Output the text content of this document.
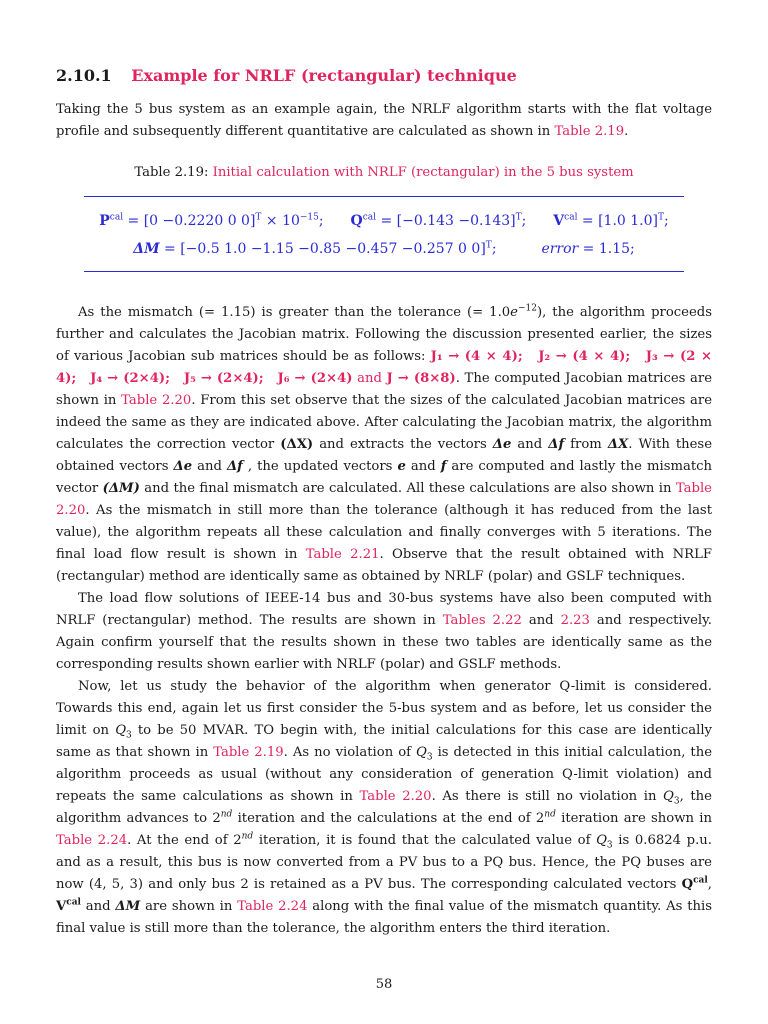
2.10.1 Example for NRLF (rectangular) technique

Taking the 5 bus system as an example again, the NRLF algorithm starts with the flat voltage profile and subsequently different quantitative are calculated as shown in Table 2.19.

Table 2.19: Initial calculation with NRLF (rectangular) in the 5 bus system
$P^{cal} = [0 -0.2220$ 0 $0]^T \times 10^{-15}$; $Q^{cal} = [-0.143 -0.143]^T$; $V^{cal} = [1.0$ 1.0]$^T$;
ΔM = [−0.5 1.0 −1.15 −0.85 −0.457 −0.257 0 0]$^T$;	error = 1.15;

As the mismatch (= 1.15) is greater than the tolerance (= $1.0e^{-12}$), the algorithm proceeds further and calculates the Jacobian matrix. Following the discussion presented earlier, the sizes of various Jacobian sub matrices should be as follows: J₁ → (4 × 4); J₂ → (4 × 4); J₃ → (2 × 4); J₄ → (2×4); J₅ → (2×4); J₆ → (2×4) and J → (8×8). The computed Jacobian matrices are shown in Table 2.20. From this set observe that the sizes of the calculated Jacobian matrices are indeed the same as they are indicated above. After calculating the Jacobian matrix, the algorithm calculates the correction vector (ΔX) and extracts the vectors Δe and Δf from ΔX. With these obtained vectors Δe and Δf , the updated vectors e and f are computed and lastly the mismatch vector (ΔM) and the final mismatch are calculated. All these calculations are also shown in Table 2.20. As the mismatch in still more than the tolerance (although it has reduced from the last value), the algorithm repeats all these calculation and finally converges with 5 iterations. The final load flow result is shown in Table 2.21. Observe that the result obtained with NRLF (rectangular) method are identically same as obtained by NRLF (polar) and GSLF techniques.

The load flow solutions of IEEE-14 bus and 30-bus systems have also been computed with NRLF (rectangular) method. The results are shown in Tables 2.22 and 2.23 and respectively. Again confirm yourself that the results shown in these two tables are identically same as the corresponding results shown earlier with NRLF (polar) and GSLF methods.

Now, let us study the behavior of the algorithm when generator Q-limit is considered. Towards this end, again let us first consider the 5-bus system and as before, let us consider the limit on $Q_3$ to be 50 MVAR. TO begin with, the initial calculations for this case are identically same as that shown in Table 2.19. As no violation of $Q_3$ is detected in this initial calculation, the algorithm proceeds as usual (without any consideration of generation Q-limit violation) and repeats the same calculations as shown in Table 2.20. As there is still no violation in $Q_3$, the algorithm advances to 2nd iteration and the calculations at the end of 2nd iteration are shown in Table 2.24. At the end of 2nd iteration, it is found that the calculated value of $Q_3$ is 0.6824 p.u. and as a result, this bus is now converted from a PV bus to a PQ bus. Hence, the PQ buses are now (4, 5, 3) and only bus 2 is retained as a PV bus. The corresponding calculated vectors $Q^{cal}$, $V^{cal}$ and ΔM are shown in Table 2.24 along with the final value of the mismatch quantity. As this final value is still more than the tolerance, the algorithm enters the third iteration.

58
